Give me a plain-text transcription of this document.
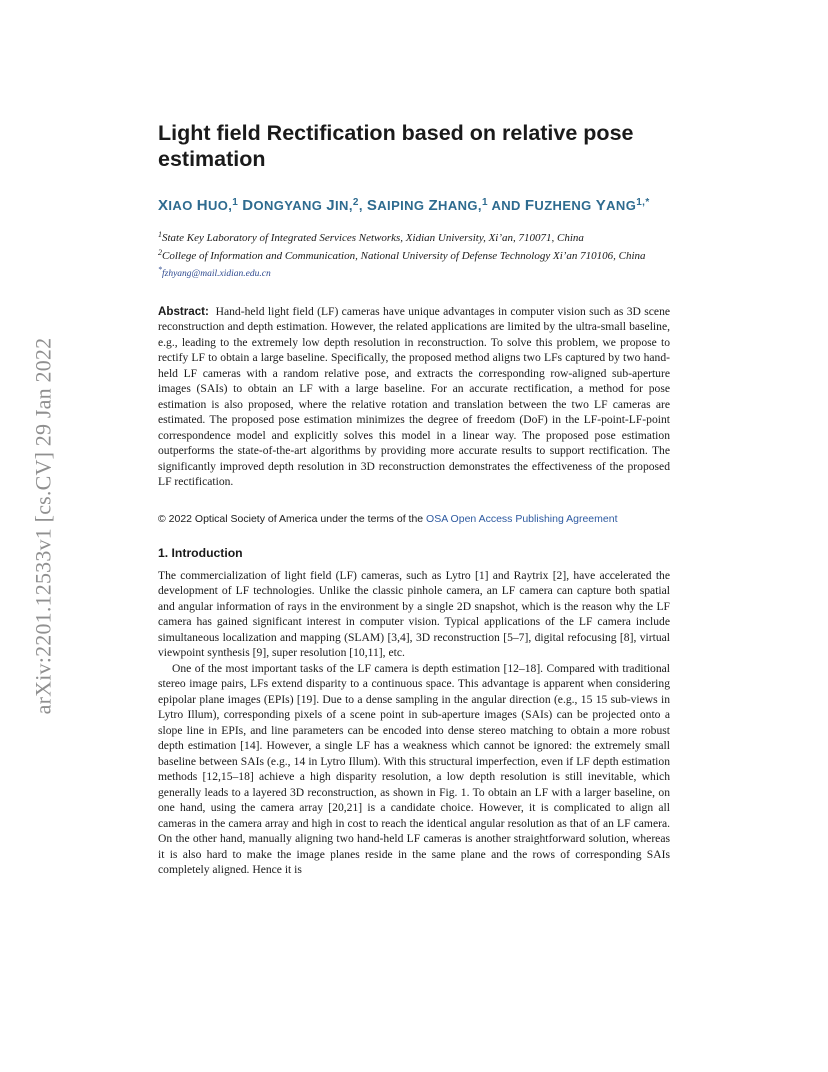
arXiv:2201.12533v1 [cs.CV] 29 Jan 2022
Light field Rectification based on relative pose estimation
XIAO HUO,$^1$ DONGYANG JIN,$^2$, SAIPING ZHANG,$^1$ AND FUZHENG $YANG^{1,*}$
$^1$State Key Laboratory of Integrated Services Networks, Xidian University, Xi’an, 710071, China
$^2$College of Information and Communication, National University of Defense Technology Xi’an 710106, China
*fzhyang@mail.xidian.edu.cn
Abstract: Hand-held light field (LF) cameras have unique advantages in computer vision such as 3D scene reconstruction and depth estimation. However, the related applications are limited by the ultra-small baseline, e.g., leading to the extremely low depth resolution in reconstruction. To solve this problem, we propose to rectify LF to obtain a large baseline. Specifically, the proposed method aligns two LFs captured by two hand-held LF cameras with a random relative pose, and extracts the corresponding row-aligned sub-aperture images (SAIs) to obtain an LF with a large baseline. For an accurate rectification, a method for pose estimation is also proposed, where the relative rotation and translation between the two LF cameras are estimated. The proposed pose estimation minimizes the degree of freedom (DoF) in the LF-point-LF-point correspondence model and explicitly solves this model in a linear way. The proposed pose estimation outperforms the state-of-the-art algorithms by providing more accurate results to support rectification. The significantly improved depth resolution in 3D reconstruction demonstrates the effectiveness of the proposed LF rectification.
© 2022 Optical Society of America under the terms of the OSA Open Access Publishing Agreement
1. Introduction

The commercialization of light field (LF) cameras, such as Lytro [1] and Raytrix [2], have accelerated the development of LF technologies. Unlike the classic pinhole camera, an LF camera can capture both spatial and angular information of rays in the environment by a single 2D snapshot, which is the reason why the LF camera has gained significant interest in computer vision. Typical applications of the LF camera include simultaneous localization and mapping (SLAM) [3,4], 3D reconstruction [5–7], digital refocusing [8], virtual viewpoint synthesis [9], super resolution [10,11], etc.

One of the most important tasks of the LF camera is depth estimation [12–18]. Compared with traditional stereo image pairs, LFs extend disparity to a continuous space. This advantage is apparent when considering epipolar plane images (EPIs) [19]. Due to a dense sampling in the angular direction (e.g., 15 15 sub-views in Lytro Illum), corresponding pixels of a scene point in sub-aperture images (SAIs) can be projected onto a slope line in EPIs, and line parameters can be encoded into dense stereo matching to obtain a more robust depth estimation [14]. However, a single LF has a weakness which cannot be ignored: the extremely small baseline between SAIs (e.g., 14 in Lytro Illum). With this structural imperfection, even if LF depth estimation methods [12,15–18] achieve a high disparity resolution, a low depth resolution is still inevitable, which generally leads to a layered 3D reconstruction, as shown in Fig. 1. To obtain an LF with a larger baseline, on one hand, using the camera array [20,21] is a candidate choice. However, it is complicated to align all cameras in the camera array and high in cost to reach the identical angular resolution as that of an LF camera. On the other hand, manually aligning two hand-held LF cameras is another straightforward solution, whereas it is also hard to make the image planes reside in the same plane and the rows of corresponding SAIs completely aligned. Hence it is
